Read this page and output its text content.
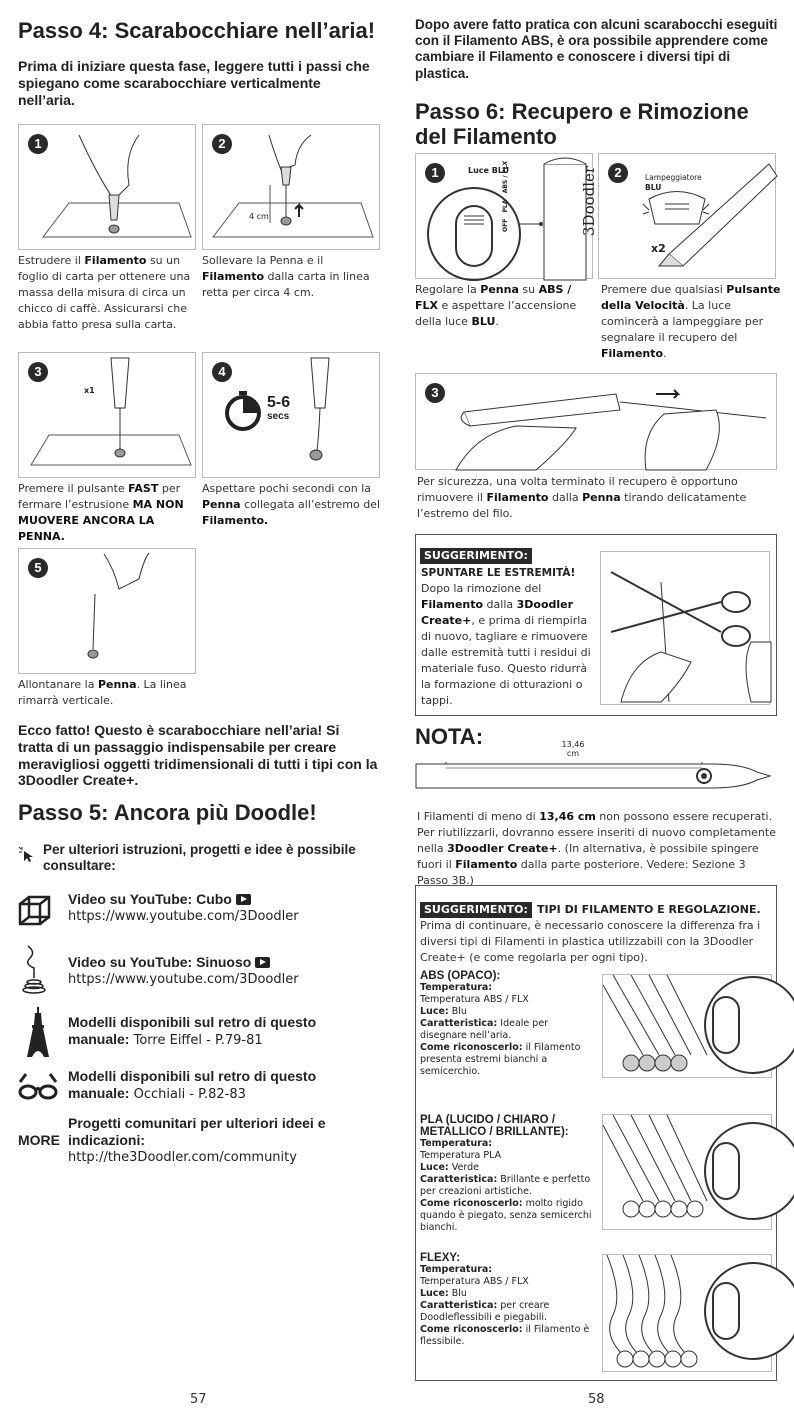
Passo 4: Scarabocchiare nell’aria!
Prima di iniziare questa fase, leggere tutti i passi che spiegano come scarabocchiare verticalmente nell’aria.
1
Estrudere il Filamento su un foglio di carta per ottenere una massa della misura di circa un chicco di caffè. Assicurarsi che abbia fatto presa sulla carta.
2
4 cm
Sollevare la Penna e il Filamento dalla carta in linea retta per circa 4 cm.
3
x1
Premere il pulsante FAST per fermare l’estrusione MA NON MUOVERE ANCORA LA PENNA.
4
5-6
secs
Aspettare pochi secondi con la Penna collegata all’estremo del Filamento.
5
Allontanare la Penna. La linea rimarrà verticale.
Ecco fatto! Questo è scarabocchiare nell’aria! Si tratta di un passaggio indispensabile per creare meravigliosi oggetti tridimensionali di tutti i tipi con la 3Doodler Create+.
Passo 5: Ancora più Doodle!
Per ulteriori istruzioni, progetti e idee è possibile consultare:
Video su YouTube: Cubo
https://www.youtube.com/3Doodler
Video su YouTube: Sinuoso
https://www.youtube.com/3Doodler
Modelli disponibili sul retro di questo
manuale: Torre Eiffel - P.79-81
Modelli disponibili sul retro di questo
manuale: Occhiali - P.82-83
MORE
Progetti comunitari per ulteriori ideei e
indicazioni:
http://the3Doodler.com/community
57
Dopo avere fatto pratica con alcuni scarabocchi eseguiti con il Filamento ABS, è ora possibile apprendere come cambiare il Filamento e conoscere i diversi tipi di plastica.
Passo 6: Recupero e Rimozione del Filamento
1	Luce BLU
OFF   PLA   ABS / FLX	3Doodler
Regolare la Penna su ABS / FLX e aspettare l’accensione della luce BLU.
2	Lampeggiatore
BLU
x2
Premere due qualsiasi Pulsante della Velocità. La luce comincerà a lampeggiare per segnalare il recupero del Filamento.
3
Per sicurezza, una volta terminato il recupero è opportuno rimuovere il Filamento dalla Penna tirando delicatamente l’estremo del filo.
SUGGERIMENTO:
SPUNTARE LE ESTREMITÀ!
Dopo la rimozione del Filamento dalla 3Doodler Create+, e prima di riempirla di nuovo, tagliare e rimuovere dalle estremità tutti i residui di materiale fuso. Questo ridurrà la formazione di otturazioni o tappi.
NOTA:	13,46
cm
I Filamenti di meno di 13,46 cm non possono essere recuperati. Per riutilizzarli, dovranno essere inseriti di nuovo completamente nella 3Doodler Create+. (In alternativa, è possibile spingere fuori il Filamento dalla parte posteriore. Vedere: Sezione 3 Passo 3B.)
SUGGERIMENTO: TIPI DI FILAMENTO E REGOLAZIONE.
Prima di continuare, è necessario conoscere la differenza fra i diversi tipi di Filamenti in plastica utilizzabili con la 3Doodler Create+ (e come regolarla per ogni tipo).
ABS (OPACO):
Temperatura:
Temperatura ABS / FLX
Luce: Blu
Caratteristica: Ideale per disegnare nell’aria.
Come riconoscerlo: il Filamento presenta estremi bianchi a semicerchio.
PLA (LUCIDO / CHIARO / METALLICO / BRILLANTE):
Temperatura:
Temperatura PLA
Luce: Verde
Caratteristica: Brillante e perfetto per creazioni artistiche.
Come riconoscerlo: molto rigido quando è piegato, senza semicerchi bianchi.
FLEXY:
Temperatura:
Temperatura ABS / FLX
Luce: Blu
Caratteristica: per creare Doodleflessibili e piegabili.
Come riconoscerlo: il Filamento è flessibile.
58
